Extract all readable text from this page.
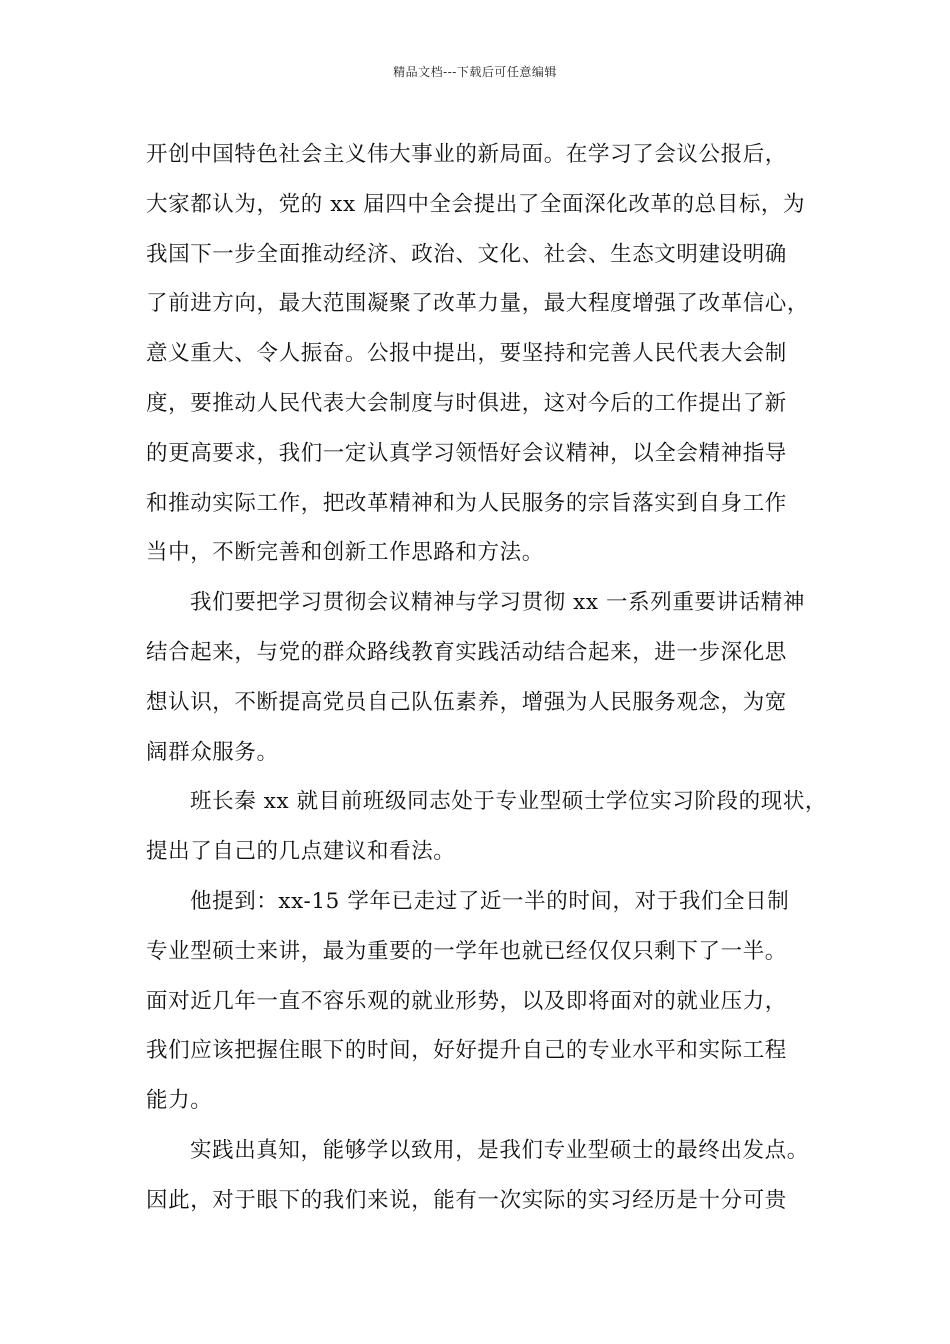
精品文档---下载后可任意编辑
开创中国特色社会主义伟大事业的新局面。在学习了会议公报后，
大家都认为，党的 xx 届四中全会提出了全面深化改革的总目标，为
我国下一步全面推动经济、政治、文化、社会、生态文明建设明确
了前进方向，最大范围凝聚了改革力量，最大程度增强了改革信心，
意义重大、令人振奋。公报中提出，要坚持和完善人民代表大会制
度，要推动人民代表大会制度与时俱进，这对今后的工作提出了新
的更高要求，我们一定认真学习领悟好会议精神，以全会精神指导
和推动实际工作，把改革精神和为人民服务的宗旨落实到自身工作
当中，不断完善和创新工作思路和方法。
我们要把学习贯彻会议精神与学习贯彻 xx 一系列重要讲话精神
结合起来，与党的群众路线教育实践活动结合起来，进一步深化思
想认识，不断提高党员自己队伍素养，增强为人民服务观念，为宽
阔群众服务。
班长秦 xx 就目前班级同志处于专业型硕士学位实习阶段的现状，
提出了自己的几点建议和看法。
他提到：xx-15 学年已走过了近一半的时间，对于我们全日制
专业型硕士来讲，最为重要的一学年也就已经仅仅只剩下了一半。
面对近几年一直不容乐观的就业形势，以及即将面对的就业压力，
我们应该把握住眼下的时间，好好提升自己的专业水平和实际工程
能力。
实践出真知，能够学以致用，是我们专业型硕士的最终出发点。
因此，对于眼下的我们来说，能有一次实际的实习经历是十分可贵
